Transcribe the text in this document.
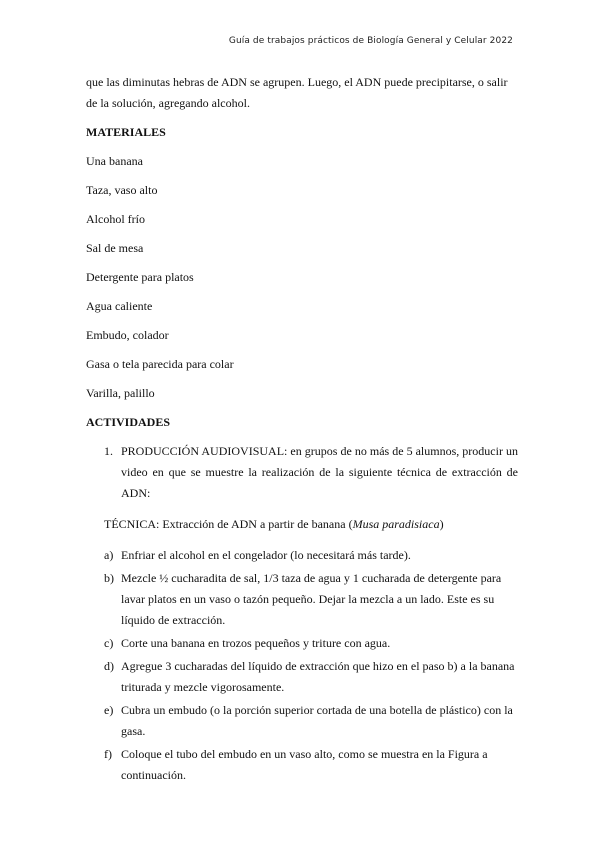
Guía de trabajos prácticos de Biología General y Celular 2022

que las diminutas hebras de ADN se agrupen. Luego, el ADN puede precipitarse, o salir de la solución, agregando alcohol.

MATERIALES

Una banana

Taza, vaso alto

Alcohol frío

Sal de mesa

Detergente para platos

Agua caliente

Embudo, colador

Gasa o tela parecida para colar

Varilla, palillo

ACTIVIDADES

1. PRODUCCIÓN AUDIOVISUAL: en grupos de no más de 5 alumnos, producir un video en que se muestre la realización de la siguiente técnica de extracción de ADN:

TÉCNICA: Extracción de ADN a partir de banana (Musa paradisiaca)

a) Enfriar el alcohol en el congelador (lo necesitará más tarde).
b) Mezcle ½ cucharadita de sal, 1/3 taza de agua y 1 cucharada de detergente para lavar platos en un vaso o tazón pequeño. Dejar la mezcla a un lado. Este es su líquido de extracción.
c) Corte una banana en trozos pequeños y triture con agua.
d) Agregue 3 cucharadas del líquido de extracción que hizo en el paso b) a la banana triturada y mezcle vigorosamente.
e) Cubra un embudo (o la porción superior cortada de una botella de plástico) con la gasa.
f) Coloque el tubo del embudo en un vaso alto, como se muestra en la Figura a continuación.
